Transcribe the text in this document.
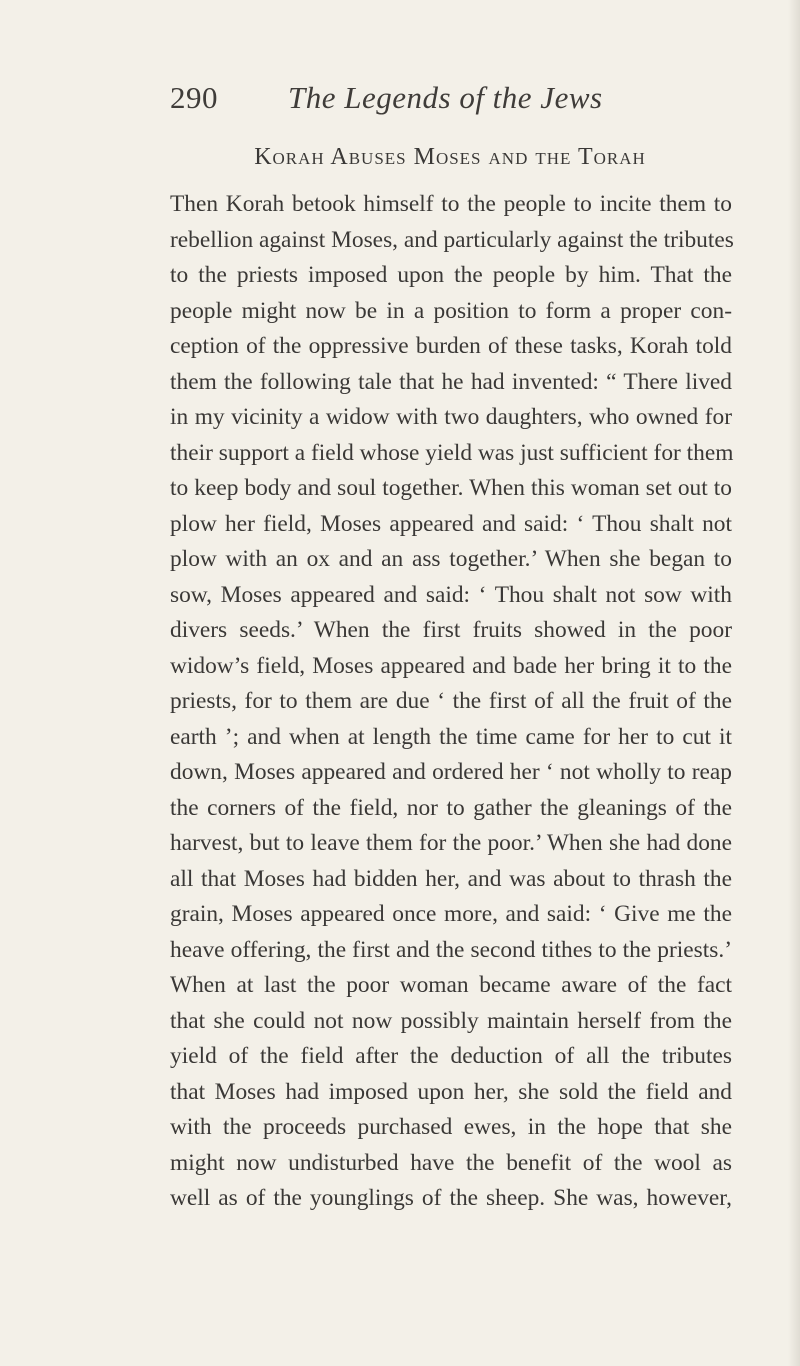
290 The Legends of the Jews
Korah Abuses Moses and the Torah
Then Korah betook himself to the people to incite them to
rebellion against Moses, and particularly against the tributes
to the priests imposed upon the people by him. That the
people might now be in a position to form a proper con-
ception of the oppressive burden of these tasks, Korah told
them the following tale that he had invented: “ There lived
in my vicinity a widow with two daughters, who owned for
their support a field whose yield was just sufficient for them
to keep body and soul together. When this woman set out to
plow her field, Moses appeared and said: ‘ Thou shalt not
plow with an ox and an ass together.’ When she began to
sow, Moses appeared and said: ‘ Thou shalt not sow with
divers seeds.’ When the first fruits showed in the poor
widow’s field, Moses appeared and bade her bring it to the
priests, for to them are due ‘ the first of all the fruit of the
earth ’; and when at length the time came for her to cut it
down, Moses appeared and ordered her ‘ not wholly to reap
the corners of the field, nor to gather the gleanings of the
harvest, but to leave them for the poor.’ When she had done
all that Moses had bidden her, and was about to thrash the
grain, Moses appeared once more, and said: ‘ Give me the
heave offering, the first and the second tithes to the priests.’
When at last the poor woman became aware of the fact
that she could not now possibly maintain herself from the
yield of the field after the deduction of all the tributes
that Moses had imposed upon her, she sold the field and
with the proceeds purchased ewes, in the hope that she
might now undisturbed have the benefit of the wool as
well as of the younglings of the sheep. She was, however,
